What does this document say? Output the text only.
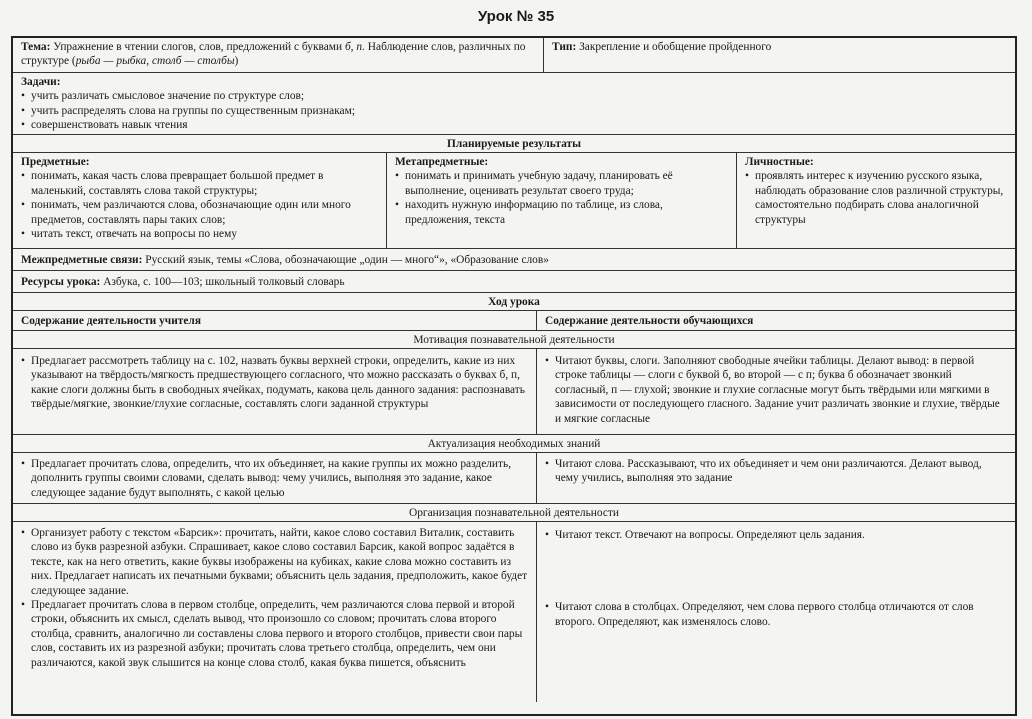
Урок № 35
Тема: Упражнение в чтении слогов, слов, предложений с буквами б, п. Наблюдение слов, различных по структуре (рыба — рыбка, столб — столбы)
Тип: Закрепление и обобщение пройденного
Задачи:
• учить различать смысловое значение по структуре слов;
• учить распределять слова на группы по существенным признакам;
• совершенствовать навык чтения
Планируемые результаты
Предметные:
• понимать, какая часть слова превращает большой предмет в маленький, составлять слова такой структуры;
• понимать, чем различаются слова, обозначающие один или много предметов, составлять пары таких слов;
• читать текст, отвечать на вопросы по нему
Метапредметные:
• понимать и принимать учебную задачу, планировать её выполнение, оценивать результат своего труда;
• находить нужную информацию по таблице, из слова, предложения, текста
Личностные:
• проявлять интерес к изучению русского языка, наблюдать образование слов различной структуры, самостоятельно подбирать слова аналогичной структуры
Межпредметные связи: Русский язык, темы «Слова, обозначающие „один — много“», «Образование слов»
Ресурсы урока: Азбука, с. 100—103; школьный толковый словарь
Ход урока
Содержание деятельности учителя	Содержание деятельности обучающихся
Мотивация познавательной деятельности
• Предлагает рассмотреть таблицу на с. 102, назвать буквы верхней строки, определить, какие из них указывают на твёрдость/мягкость предшествующего согласного, что можно рассказать о буквах б, п, какие слоги должны быть в свободных ячейках, подумать, какова цель данного задания: распознавать твёрдые/мягкие, звонкие/глухие согласные, составлять слоги заданной структуры
• Читают буквы, слоги. Заполняют свободные ячейки таблицы. Делают вывод: в первой строке таблицы — слоги с буквой б, во второй — с п; буква б обозначает звонкий согласный, п — глухой; звонкие и глухие согласные могут быть твёрдыми или мягкими в зависимости от последующего гласного. Задание учит различать звонкие и глухие, твёрдые и мягкие согласные
Актуализация необходимых знаний
• Предлагает прочитать слова, определить, что их объединяет, на какие группы их можно разделить, дополнить группы своими словами, сделать вывод: чему учились, выполняя это задание, какое следующее задание будут выполнять, с какой целью
• Читают слова. Рассказывают, что их объединяет и чем они различаются. Делают вывод, чему учились, выполняя это задание
Организация познавательной деятельности
• Организует работу с текстом «Барсик»: прочитать, найти, какое слово составил Виталик, составить слово из букв разрезной азбуки. Спрашивает, какое слово составил Барсик, какой вопрос задаётся в тексте, как на него ответить, какие буквы изображены на кубиках, какие слова можно составить из них. Предлагает написать их печатными буквами; объяснить цель задания, предположить, какое будет следующее задание.
• Предлагает прочитать слова в первом столбце, определить, чем различаются слова первой и второй строки, объяснить их смысл, сделать вывод, что произошло со словом; прочитать слова второго столбца, сравнить, аналогично ли составлены слова первого и второго столбцов, привести свои пары слов, составить их из разрезной азбуки; прочитать слова третьего столбца, определить, чем они различаются, какой звук слышится на конце слова столб, какая буква пишется, объяснить
• Читают текст. Отвечают на вопросы. Определяют цель задания.
• Читают слова в столбцах. Определяют, чем слова первого столбца отличаются от слов второго. Определяют, как изменялось слово.
